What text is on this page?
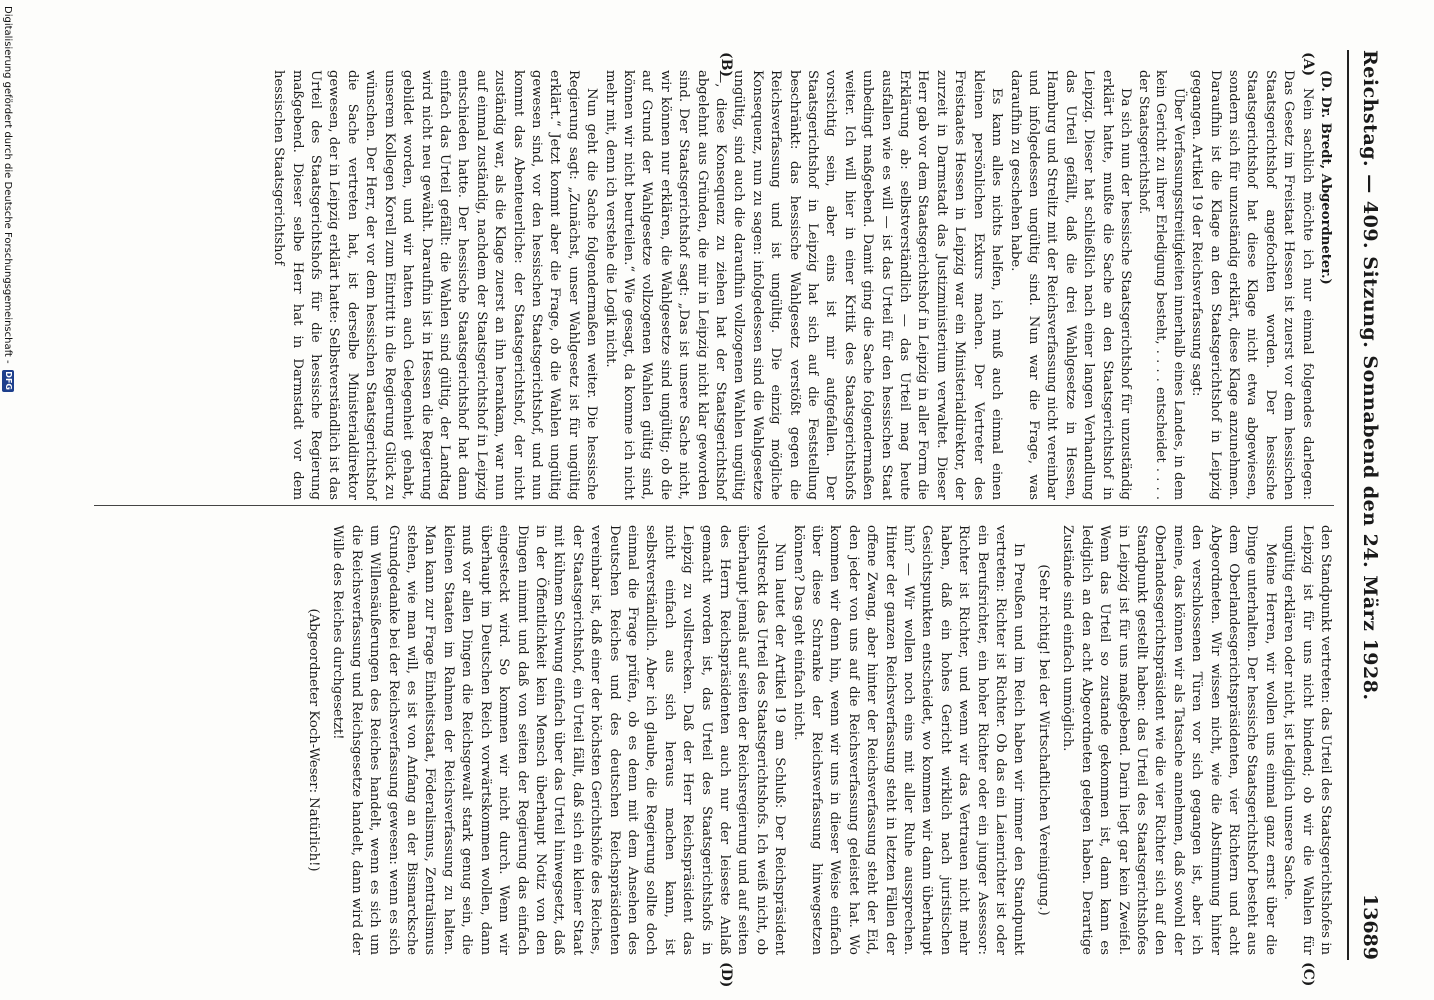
Reichstag. — 409. Sitzung. Sonnabend den 24. März 1928.
13689
(A)
(B)
(C)
(D)

(D. Dr. Bredt, Abgeordneter.)

Nein sachlich möchte ich nur einmal folgendes darlegen: Das Gesetz im Freistaat Hessen ist zuerst vor dem hessischen Staatsgerichtshof angefochten worden. Der hessische Staatsgerichtshof hat diese Klage nicht etwa abgewiesen, sondern sich für unzuständig erklärt, diese Klage anzunehmen. Daraufhin ist die Klage an den Staatsgerichtshof in Leipzig gegangen. Artikel 19 der Reichsverfassung sagt:

Über Verfassungsstreitigkeiten innerhalb eines Landes, in dem kein Gericht zu ihrer Erledigung besteht, . . . . entscheidet . . . . der Staatsgerichtshof.

Da sich nun der hessische Staatsgerichtshof für unzuständig erklärt hatte, mußte die Sache an den Staatsgerichtshof in Leipzig. Dieser hat schließlich nach einer langen Verhandlung das Urteil gefällt, daß die drei Wahlgesetze in Hessen, Hamburg und Strelitz mit der Reichsverfassung nicht vereinbar und infolgedessen ungültig sind. Nun war die Frage, was daraufhin zu geschehen habe.

Es kann alles nichts helfen, ich muß auch einmal einen kleinen persönlichen Exkurs machen. Der Vertreter des Freistaates Hessen in Leipzig war ein Ministerialdirektor, der zurzeit in Darmstadt das Justizministerium verwaltet. Dieser Herr gab vor dem Staatsgerichtshof in Leipzig in aller Form die Erklärung ab: selbstverständlich — das Urteil mag heute ausfallen wie es will — ist das Urteil für den hessischen Staat unbedingt maßgebend. Damit ging die Sache folgendermaßen weiter. Ich will hier in einer Kritik des Staatsgerichtshofs vorsichtig sein, aber eins ist mir aufgefallen. Der Staatsgerichtshof in Leipzig hat sich auf die Feststellung beschränkt: das hessische Wahlgesetz verstößt gegen die Reichsverfassung und ist ungültig. Die einzig mögliche Konsequenz, nun zu sagen: infolgedessen sind die Wahlgesetze ungültig, sind auch die daraufhin vollzogenen Wahlen ungültig —, diese Konsequenz zu ziehen hat der Staatsgerichtshof abgelehnt aus Gründen, die mir in Leipzig nicht klar geworden sind. Der Staatsgerichtshof sagt: „Das ist unsere Sache nicht, wir können nur erklären, die Wahlgesetze sind ungültig; ob die auf Grund der Wahlgesetze vollzogenen Wahlen gültig sind, können wir nicht beurteilen.“ Wie gesagt, da komme ich nicht mehr mit, denn ich verstehe die Logik nicht.

Nun geht die Sache folgendermaßen weiter. Die hessische Regierung sagt: „Zunächst, unser Wahlgesetz ist für ungültig erklärt.“ Jetzt kommt aber die Frage, ob die Wahlen ungültig gewesen sind, vor den hessischen Staatsgerichtshof, und nun kommt das Abenteuerliche: der Staatsgerichtshof, der nicht zuständig war, als die Klage zuerst an ihn herankam, war nun auf einmal zuständig, nachdem der Staatsgerichtshof in Leipzig entschieden hatte. Der hessische Staatsgerichtshof hat dann einfach das Urteil gefällt: die Wahlen sind gültig, der Landtag wird nicht neu gewählt. Daraufhin ist in Hessen die Regierung gebildet worden, und wir hatten auch Gelegenheit gehabt, unserem Kollegen Korell zum Eintritt in die Regierung Glück zu wünschen. Der Herr, der vor dem hessischen Staatsgerichtshof die Sache vertreten hat, ist derselbe Ministerialdirektor gewesen, der in Leipzig erklärt hatte: Selbstverständlich ist das Urteil des Staatsgerichtshofs für die hessische Regierung maßgebend. Dieser selbe Herr hat in Darmstadt vor dem hessischen Staatsgerichtshof

den Standpunkt vertreten: das Urteil des Staatsgerichtshofes in Leipzig ist für uns nicht bindend; ob wir die Wahlen für ungültig erklären oder nicht, ist lediglich unsere Sache.

Meine Herren, wir wollen uns einmal ganz ernst über die Dinge unterhalten. Der hessische Staatsgerichtshof besteht aus dem Oberlandesgerichtspräsidenten, vier Richtern und acht Abgeordneten. Wir wissen nicht, wie die Abstimmung hinter den verschlossenen Türen vor sich gegangen ist, aber ich meine, das können wir als Tatsache annehmen, daß sowohl der Oberlandesgerichtspräsident wie die vier Richter sich auf den Standpunkt gestellt haben: das Urteil des Staatsgerichtshofes in Leipzig ist für uns maßgebend. Darin liegt gar kein Zweifel. Wenn das Urteil so zustande gekommen ist, dann kann es lediglich an den acht Abgeordneten gelegen haben. Derartige Zustände sind einfach unmöglich.

(Sehr richtig! bei der Wirtschaftlichen Vereinigung.)

In Preußen und im Reich haben wir immer den Standpunkt vertreten: Richter ist Richter. Ob das ein Laienrichter ist oder ein Berufsrichter, ein hoher Richter oder ein junger Assessor: Richter ist Richter, und wenn wir das Vertrauen nicht mehr haben, daß ein hohes Gericht wirklich nach juristischen Gesichtspunkten entscheidet, wo kommen wir dann überhaupt hin? — Wir wollen noch eins mit aller Ruhe aussprechen. Hinter der ganzen Reichsverfassung steht in letzten Fällen der offene Zwang, aber hinter der Reichsverfassung steht der Eid, den jeder von uns auf die Reichsverfassung geleistet hat. Wo kommen wir denn hin, wenn wir uns in dieser Weise einfach über diese Schranke der Reichsverfassung hinwegsetzen können? Das geht einfach nicht.

Nun lautet der Artikel 19 am Schluß: Der Reichspräsident vollstreckt das Urteil des Staatsgerichtshofs. Ich weiß nicht, ob überhaupt jemals auf seiten der Reichsregierung und auf seiten des Herrn Reichspräsidenten auch nur der leiseste Anlaß gemacht worden ist, das Urteil des Staatsgerichtshofs in Leipzig zu vollstrecken. Daß der Herr Reichspräsident das nicht einfach aus sich heraus machen kann, ist selbstverständlich. Aber ich glaube, die Regierung sollte doch einmal die Frage prüfen, ob es denn mit dem Ansehen des Deutschen Reiches und des deutschen Reichspräsidenten vereinbar ist, daß einer der höchsten Gerichtshöfe des Reiches, der Staatsgerichtshof, ein Urteil fällt, daß sich ein kleiner Staat mit kühnem Schwung einfach über das Urteil hinwegsetzt, daß in der Öffentlichkeit kein Mensch überhaupt Notiz von den Dingen nimmt und daß von seiten der Regierung das einfach eingesteckt wird. So kommen wir nicht durch. Wenn wir überhaupt im Deutschen Reich vorwärtskommen wollen, dann muß vor allen Dingen die Reichsgewalt stark genug sein, die kleinen Staaten im Rahmen der Reichsverfassung zu halten. Man kann zur Frage Einheitsstaat, Föderalismus, Zentralismus stehen, wie man will, es ist von Anfang an der Bismarcksche Grundgedanke bei der Reichsverfassung gewesen: wenn es sich um Willensäußerungen des Reiches handelt, wenn es sich um die Reichsverfassung und Reichsgesetze handelt, dann wird der Wille des Reiches durchgesetzt!

(Abgeordneter Koch-Weser: Natürlich!)

Digitalisierung gefördert durch die Deutsche Forschungsgemeinschaft -
DFG
